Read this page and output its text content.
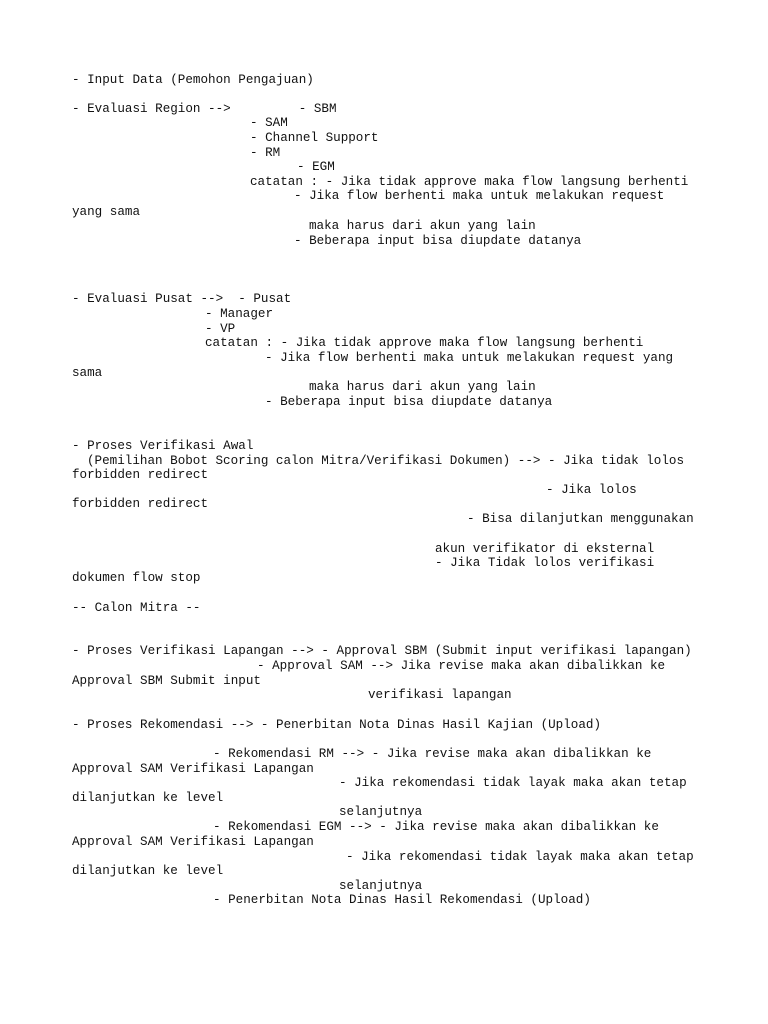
- Input Data (Pemohon Pengajuan)
- Evaluasi Region -->         - SBM
- SAM
- Channel Support
- RM
- EGM
catatan : - Jika tidak approve maka flow langsung berhenti
- Jika flow berhenti maka untuk melakukan request
yang sama
maka harus dari akun yang lain
- Beberapa input bisa diupdate datanya
- Evaluasi Pusat -->  - Pusat
- Manager
- VP
catatan : - Jika tidak approve maka flow langsung berhenti
- Jika flow berhenti maka untuk melakukan request yang
sama
maka harus dari akun yang lain
- Beberapa input bisa diupdate datanya
- Proses Verifikasi Awal
(Pemilihan Bobot Scoring calon Mitra/Verifikasi Dokumen) --> - Jika tidak lolos
forbidden redirect
- Jika lolos
forbidden redirect
- Bisa dilanjutkan menggunakan
akun verifikator di eksternal
- Jika Tidak lolos verifikasi
dokumen flow stop
-- Calon Mitra --
- Proses Verifikasi Lapangan --> - Approval SBM (Submit input verifikasi lapangan)
- Approval SAM --> Jika revise maka akan dibalikkan ke
Approval SBM Submit input
verifikasi lapangan
- Proses Rekomendasi --> - Penerbitan Nota Dinas Hasil Kajian (Upload)
- Rekomendasi RM --> - Jika revise maka akan dibalikkan ke
Approval SAM Verifikasi Lapangan
- Jika rekomendasi tidak layak maka akan tetap
dilanjutkan ke level
selanjutnya
- Rekomendasi EGM --> - Jika revise maka akan dibalikkan ke
Approval SAM Verifikasi Lapangan
- Jika rekomendasi tidak layak maka akan tetap
dilanjutkan ke level
selanjutnya
- Penerbitan Nota Dinas Hasil Rekomendasi (Upload)
